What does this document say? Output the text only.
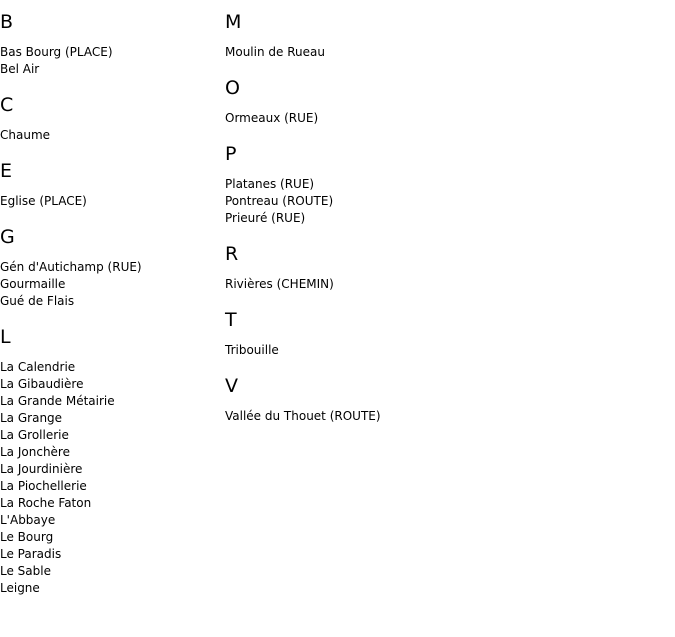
B
Bas Bourg (PLACE)
Bel Air
C
Chaume
E
Eglise (PLACE)
G
Gén d'Autichamp (RUE)
Gourmaille
Gué de Flais
L
La Calendrie
La Gibaudière
La Grande Métairie
La Grange
La Grollerie
La Jonchère
La Jourdinière
La Piochellerie
La Roche Faton
L'Abbaye
Le Bourg
Le Paradis
Le Sable
Leigne
M
Moulin de Rueau
O
Ormeaux (RUE)
P
Platanes (RUE)
Pontreau (ROUTE)
Prieuré (RUE)
R
Rivières (CHEMIN)
T
Tribouille
V
Vallée du Thouet (ROUTE)
